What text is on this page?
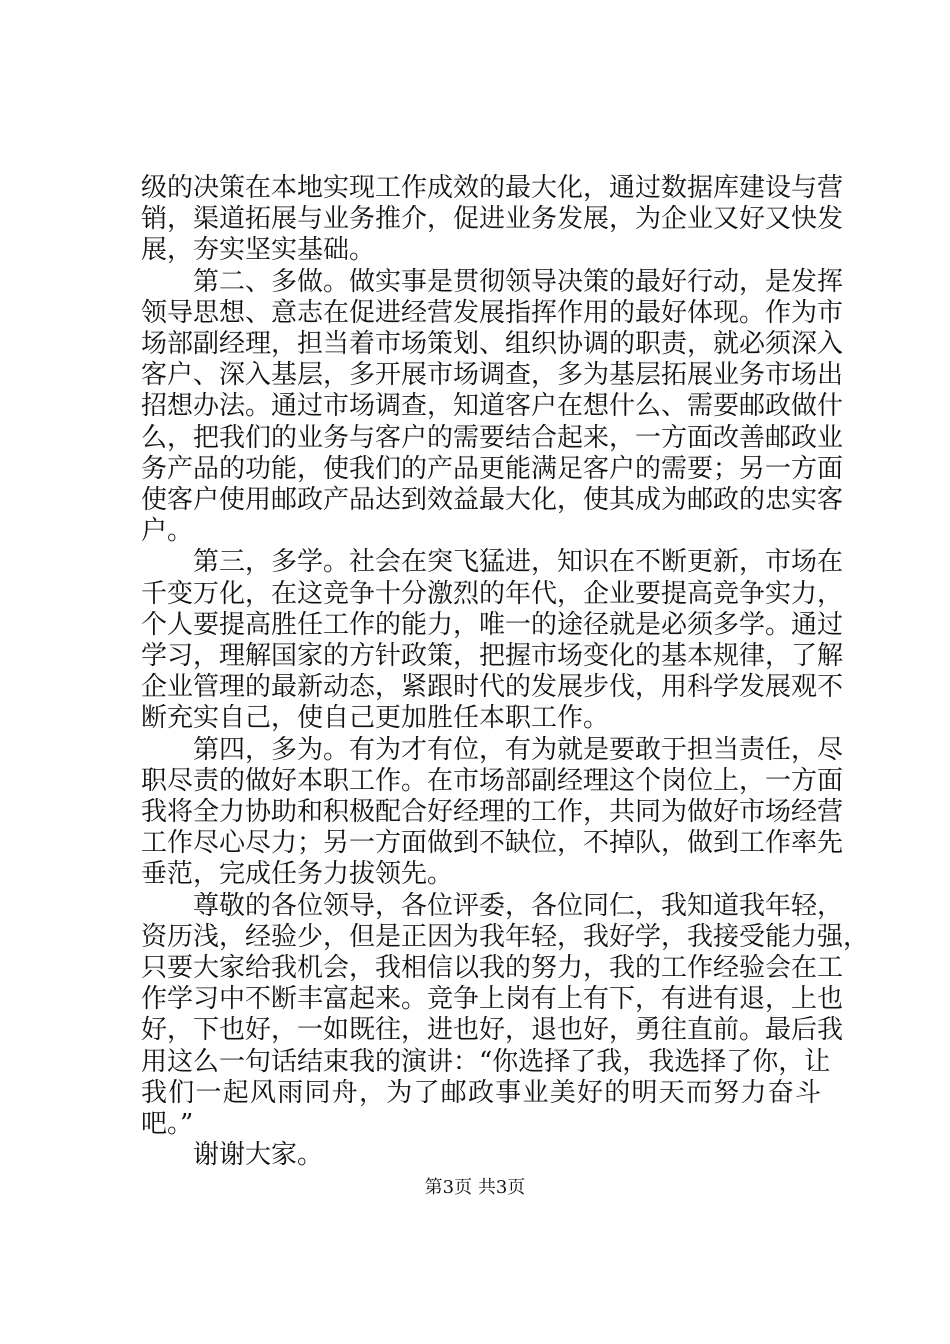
级的决策在本地实现工作成效的最大化，通过数据库建设与营
销，渠道拓展与业务推介，促进业务发展，为企业又好又快发
展，夯实坚实基础。
　　第二、多做。做实事是贯彻领导决策的最好行动，是发挥
领导思想、意志在促进经营发展指挥作用的最好体现。作为市
场部副经理，担当着市场策划、组织协调的职责，就必须深入
客户、深入基层，多开展市场调查，多为基层拓展业务市场出
招想办法。通过市场调查，知道客户在想什么、需要邮政做什
么，把我们的业务与客户的需要结合起来，一方面改善邮政业
务产品的功能，使我们的产品更能满足客户的需要；另一方面
使客户使用邮政产品达到效益最大化，使其成为邮政的忠实客
户。
　　第三，多学。社会在突飞猛进，知识在不断更新，市场在
千变万化，在这竞争十分激烈的年代，企业要提高竞争实力，
个人要提高胜任工作的能力，唯一的途径就是必须多学。通过
学习，理解国家的方针政策，把握市场变化的基本规律，了解
企业管理的最新动态，紧跟时代的发展步伐，用科学发展观不
断充实自己，使自己更加胜任本职工作。
　　第四，多为。有为才有位，有为就是要敢于担当责任，尽
职尽责的做好本职工作。在市场部副经理这个岗位上，一方面
我将全力协助和积极配合好经理的工作，共同为做好市场经营
工作尽心尽力；另一方面做到不缺位，不掉队，做到工作率先
垂范，完成任务力拔领先。
　　尊敬的各位领导，各位评委，各位同仁，我知道我年轻，
资历浅，经验少，但是正因为我年轻，我好学，我接受能力强，
只要大家给我机会，我相信以我的努力，我的工作经验会在工
作学习中不断丰富起来。竞争上岗有上有下，有进有退，上也
好，下也好，一如既往，进也好，退也好，勇往直前。最后我
用这么一句话结束我的演讲：“你选择了我，我选择了你，让
我们一起风雨同舟，为了邮政事业美好的明天而努力奋斗
吧。”
　　谢谢大家。
第3页 共3页
